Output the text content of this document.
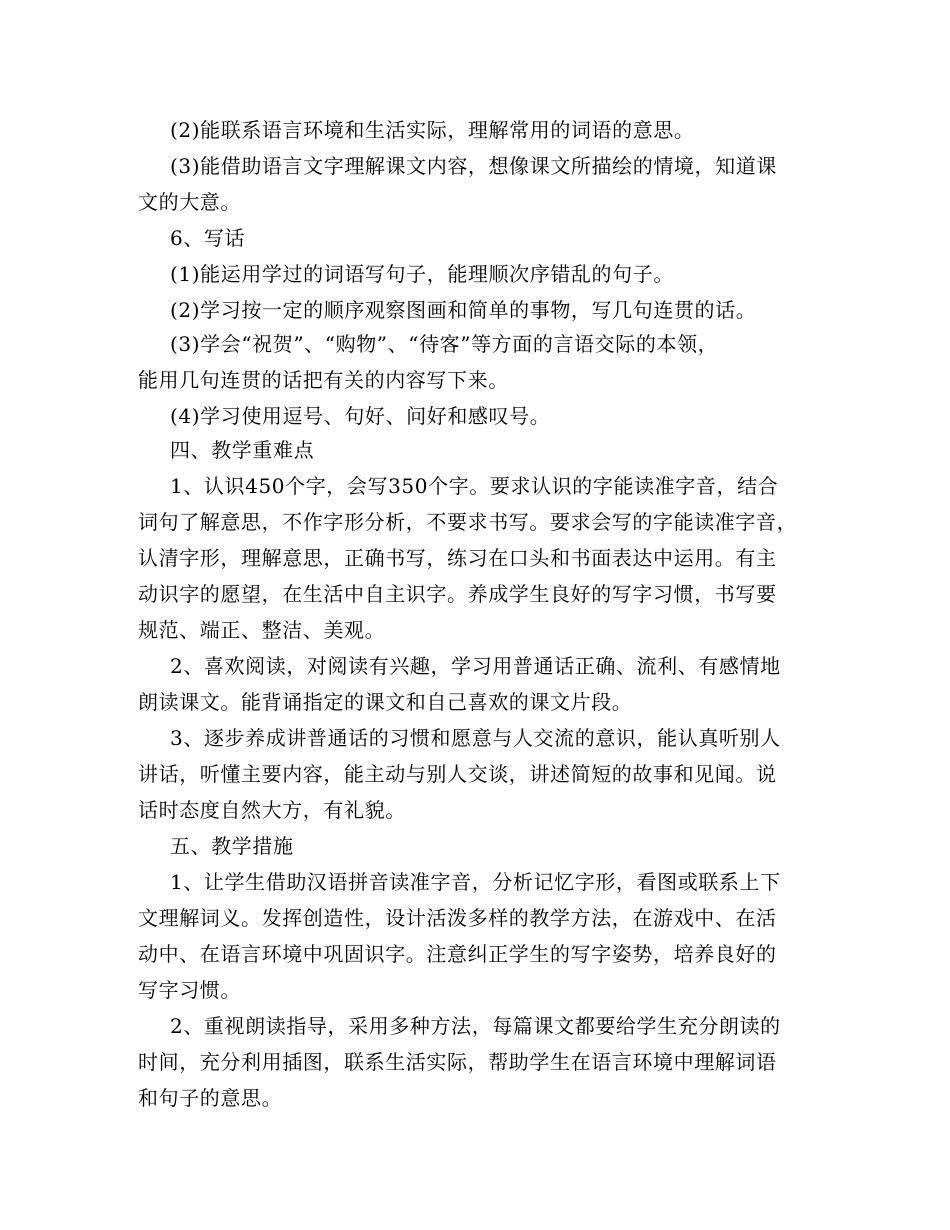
(2)能联系语言环境和生活实际，理解常用的词语的意思。
(3)能借助语言文字理解课文内容，想像课文所描绘的情境，知道课
文的大意。
6、写话
(1)能运用学过的词语写句子，能理顺次序错乱的句子。
(2)学习按一定的顺序观察图画和简单的事物，写几句连贯的话。
(3)学会“祝贺”、“购物”、“待客”等方面的言语交际的本领，
能用几句连贯的话把有关的内容写下来。
(4)学习使用逗号、句好、问好和感叹号。
四、教学重难点
1、认识450个字，会写350个字。要求认识的字能读准字音，结合
词句了解意思，不作字形分析，不要求书写。要求会写的字能读准字音，
认清字形，理解意思，正确书写，练习在口头和书面表达中运用。有主
动识字的愿望，在生活中自主识字。养成学生良好的写字习惯，书写要
规范、端正、整洁、美观。
2、喜欢阅读，对阅读有兴趣，学习用普通话正确、流利、有感情地
朗读课文。能背诵指定的课文和自己喜欢的课文片段。
3、逐步养成讲普通话的习惯和愿意与人交流的意识，能认真听别人
讲话，听懂主要内容，能主动与别人交谈，讲述简短的故事和见闻。说
话时态度自然大方，有礼貌。
五、教学措施
1、让学生借助汉语拼音读准字音，分析记忆字形，看图或联系上下
文理解词义。发挥创造性，设计活泼多样的教学方法，在游戏中、在活
动中、在语言环境中巩固识字。注意纠正学生的写字姿势，培养良好的
写字习惯。
2、重视朗读指导，采用多种方法，每篇课文都要给学生充分朗读的
时间，充分利用插图，联系生活实际，帮助学生在语言环境中理解词语
和句子的意思。
